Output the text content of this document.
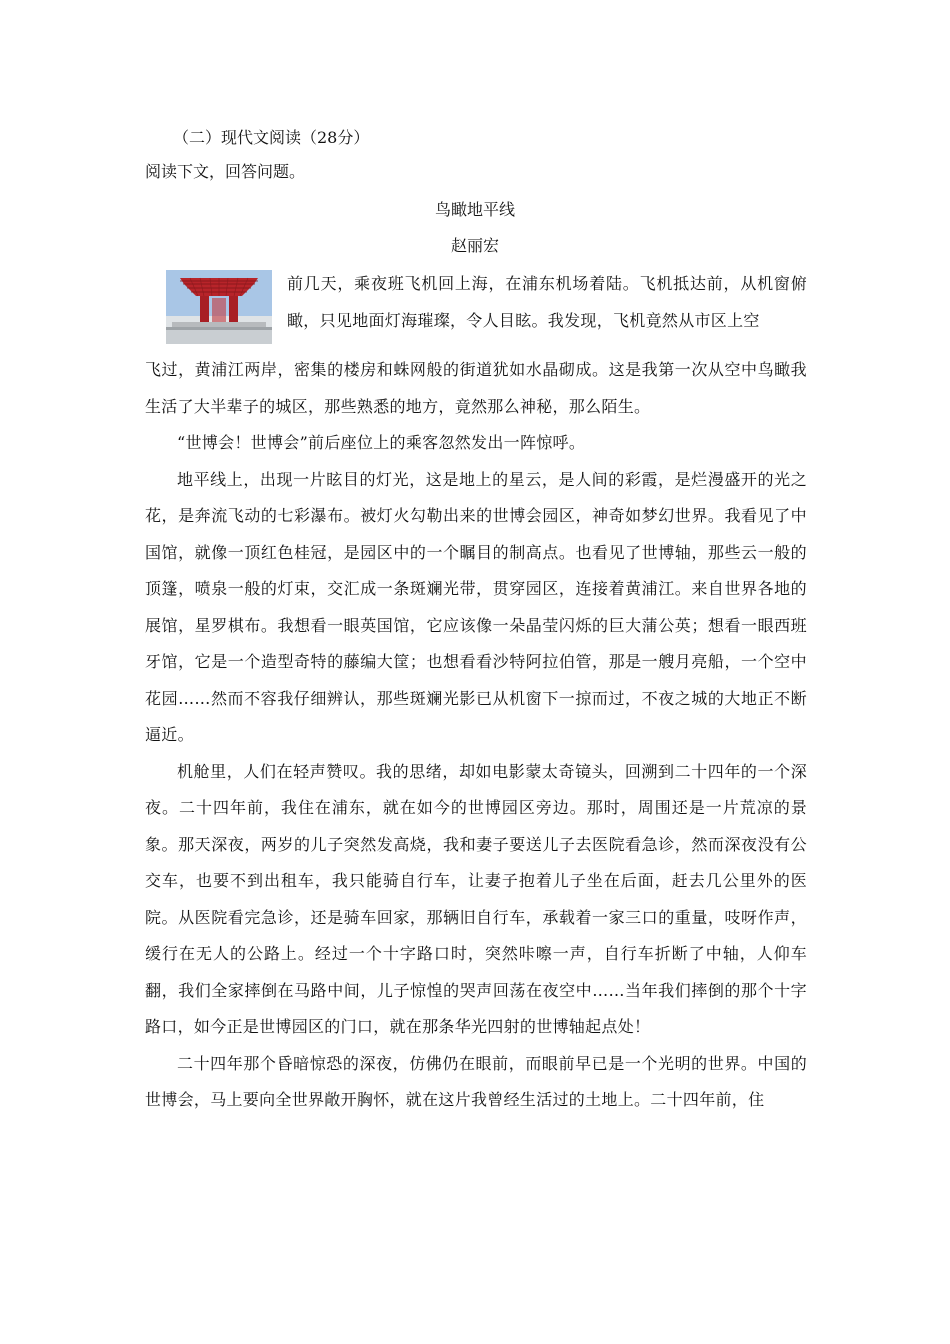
（二）现代文阅读（28分）
阅读下文，回答问题。
鸟瞰地平线
赵丽宏

前几天，乘夜班飞机回上海，在浦东机场着陆。飞机抵达前，从机窗俯瞰，只见地面灯海璀璨，令人目眩。我发现，飞机竟然从市区上空

飞过，黄浦江两岸，密集的楼房和蛛网般的街道犹如水晶砌成。这是我第一次从空中鸟瞰我生活了大半辈子的城区，那些熟悉的地方，竟然那么神秘，那么陌生。

“世博会！世博会”前后座位上的乘客忽然发出一阵惊呼。

地平线上，出现一片眩目的灯光，这是地上的星云，是人间的彩霞，是烂漫盛开的光之花，是奔流飞动的七彩瀑布。被灯火勾勒出来的世博会园区，神奇如梦幻世界。我看见了中国馆，就像一顶红色桂冠，是园区中的一个瞩目的制高点。也看见了世博轴，那些云一般的顶篷，喷泉一般的灯束，交汇成一条斑斓光带，贯穿园区，连接着黄浦江。来自世界各地的展馆，星罗棋布。我想看一眼英国馆，它应该像一朵晶莹闪烁的巨大蒲公英；想看一眼西班牙馆，它是一个造型奇特的藤编大筐；也想看看沙特阿拉伯管，那是一艘月亮船，一个空中花园……然而不容我仔细辨认，那些斑斓光影已从机窗下一掠而过，不夜之城的大地正不断逼近。

机舱里，人们在轻声赞叹。我的思绪，却如电影蒙太奇镜头，回溯到二十四年的一个深夜。二十四年前，我住在浦东，就在如今的世博园区旁边。那时，周围还是一片荒凉的景象。那天深夜，两岁的儿子突然发高烧，我和妻子要送儿子去医院看急诊，然而深夜没有公交车，也要不到出租车，我只能骑自行车，让妻子抱着儿子坐在后面，赶去几公里外的医院。从医院看完急诊，还是骑车回家，那辆旧自行车，承载着一家三口的重量，吱呀作声，缓行在无人的公路上。经过一个十字路口时，突然咔嚓一声，自行车折断了中轴，人仰车翻，我们全家摔倒在马路中间，儿子惊惶的哭声回荡在夜空中……当年我们摔倒的那个十字路口，如今正是世博园区的门口，就在那条华光四射的世博轴起点处！

二十四年那个昏暗惊恐的深夜，仿佛仍在眼前，而眼前早已是一个光明的世界。中国的世博会，马上要向全世界敞开胸怀，就在这片我曾经生活过的土地上。二十四年前，住
